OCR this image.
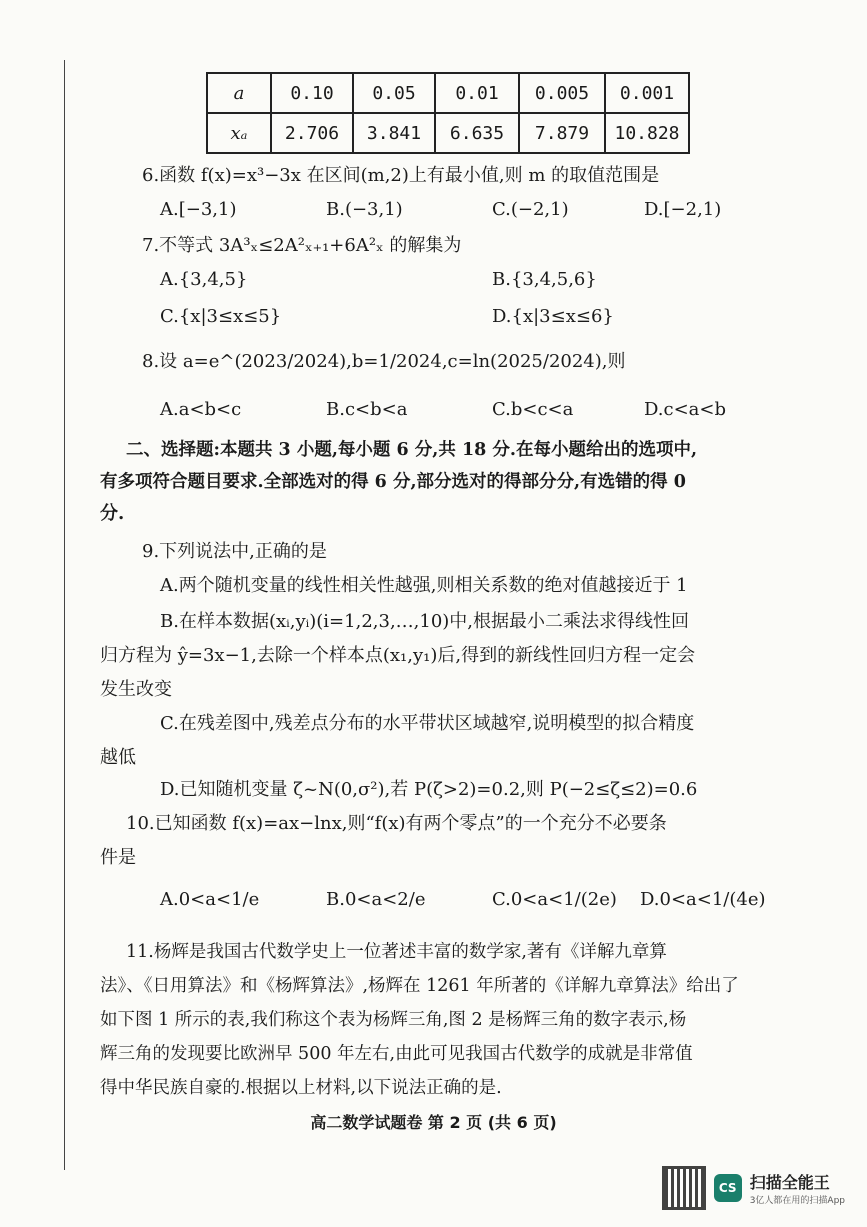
a	0.10	0.05	0.01	0.005	0.001
xₐ	2.706	3.841	6.635	7.879	10.828
6.函数 f(x)=x³−3x 在区间(m,2)上有最小值,则 m 的取值范围是
A.[−3,1)	B.(−3,1)	C.(−2,1)	D.[−2,1)
7.不等式 3A³ₓ≤2A²ₓ₊₁+6A²ₓ 的解集为
A.{3,4,5}	B.{3,4,5,6}
C.{x|3≤x≤5}	D.{x|3≤x≤6}
8.设 a=e^(2023/2024),b=1/2024,c=ln(2025/2024),则
A.a<b<c	B.c<b<a	C.b<c<a	D.c<a<b
二、选择题:本题共 3 小题,每小题 6 分,共 18 分.在每小题给出的选项中,
有多项符合题目要求.全部选对的得 6 分,部分选对的得部分分,有选错的得 0
分.
9.下列说法中,正确的是
A.两个随机变量的线性相关性越强,则相关系数的绝对值越接近于 1
B.在样本数据(xᵢ,yᵢ)(i=1,2,3,…,10)中,根据最小二乘法求得线性回
归方程为 ŷ=3x−1,去除一个样本点(x₁,y₁)后,得到的新线性回归方程一定会
发生改变
C.在残差图中,残差点分布的水平带状区域越窄,说明模型的拟合精度
越低
D.已知随机变量 ζ~N(0,σ²),若 P(ζ>2)=0.2,则 P(−2≤ζ≤2)=0.6
10.已知函数 f(x)=ax−lnx,则“f(x)有两个零点”的一个充分不必要条
件是
A.0<a<1/e	B.0<a<2/e	C.0<a<1/(2e) D.0<a<1/(4e)
11.杨辉是我国古代数学史上一位著述丰富的数学家,著有《详解九章算
法》、《日用算法》和《杨辉算法》,杨辉在 1261 年所著的《详解九章算法》给出了
如下图 1 所示的表,我们称这个表为杨辉三角,图 2 是杨辉三角的数字表示,杨
辉三角的发现要比欧洲早 500 年左右,由此可见我国古代数学的成就是非常值
得中华民族自豪的.根据以上材料,以下说法正确的是.
高二数学试题卷 第 2 页 (共 6 页)
CS 扫描全能王
3亿人都在用的扫描App
